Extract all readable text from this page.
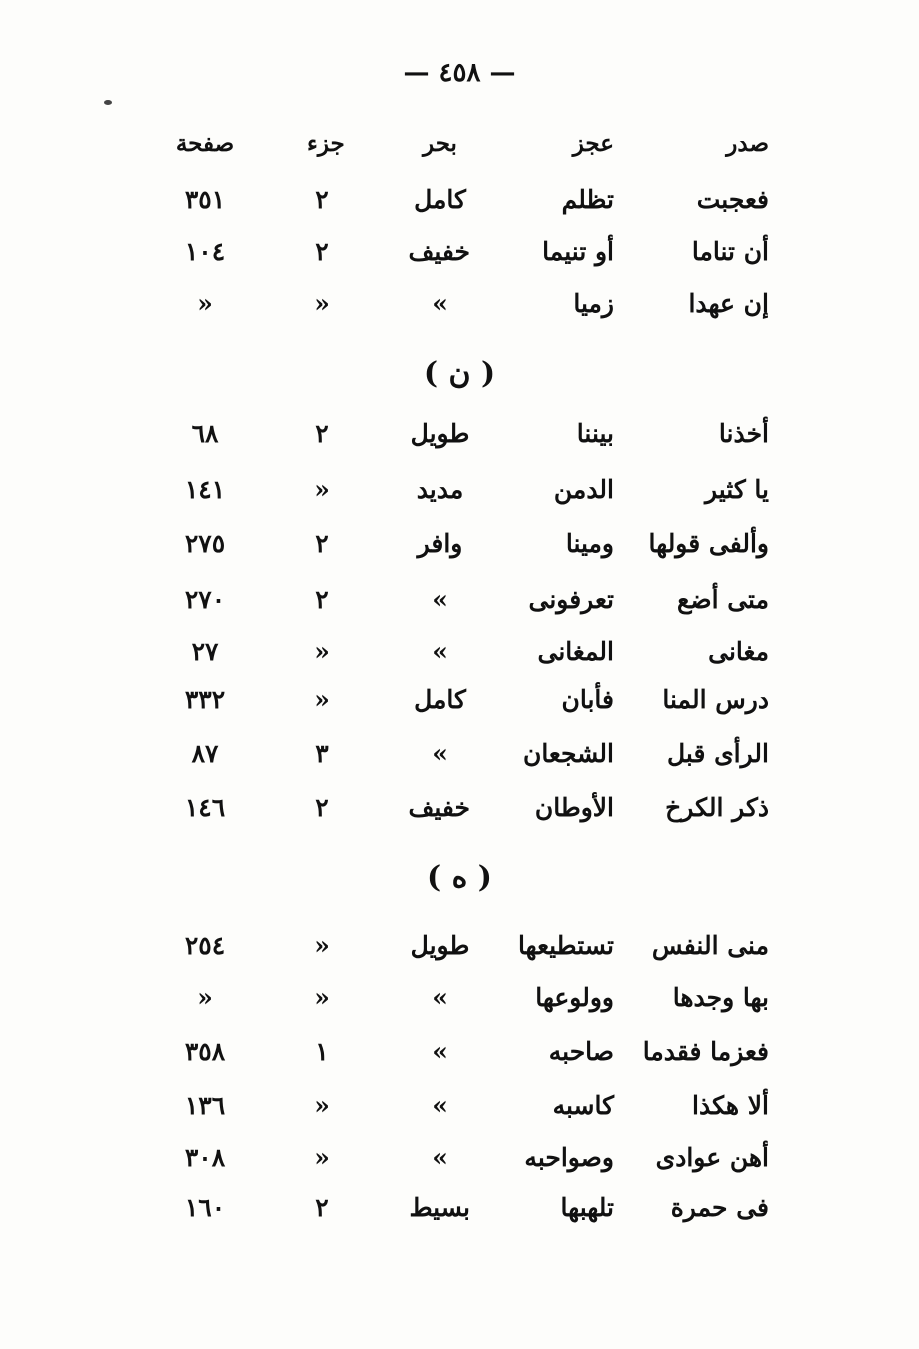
— ٤٥٨ —
صدر
عجز
بحر
جزء
صفحة
فعجبت
تظلم
كامل
٢
٣٥١
أن تناما
أو تنيما
خفيف
٢
١٠٤
إن عهدا
زميا
»
»
»
( ن )
أخذنا
بيننا
طويل
٢
٦٨
يا كثير
الدمن
مديد
»
١٤١
وألفى قولها
ومينا
وافر
٢
٢٧٥
متى أضع
تعرفونى
»
٢
٢٧٠
مغانى
المغانى
»
»
٢٧
درس المنا
فأبان
كامل
»
٣٣٢
الرأى قبل
الشجعان
»
٣
٨٧
ذكر الكرخ
الأوطان
خفيف
٢
١٤٦
( ه )
منى النفس
تستطيعها
طويل
»
٢٥٤
بها وجدها
وولوعها
»
»
»
فعزما فقدما
صاحبه
»
١
٣٥٨
ألا هكذا
كاسبه
»
»
١٣٦
أهن عوادى
وصواحبه
»
»
٣٠٨
فى حمرة
تلهبها
بسيط
٢
١٦٠
